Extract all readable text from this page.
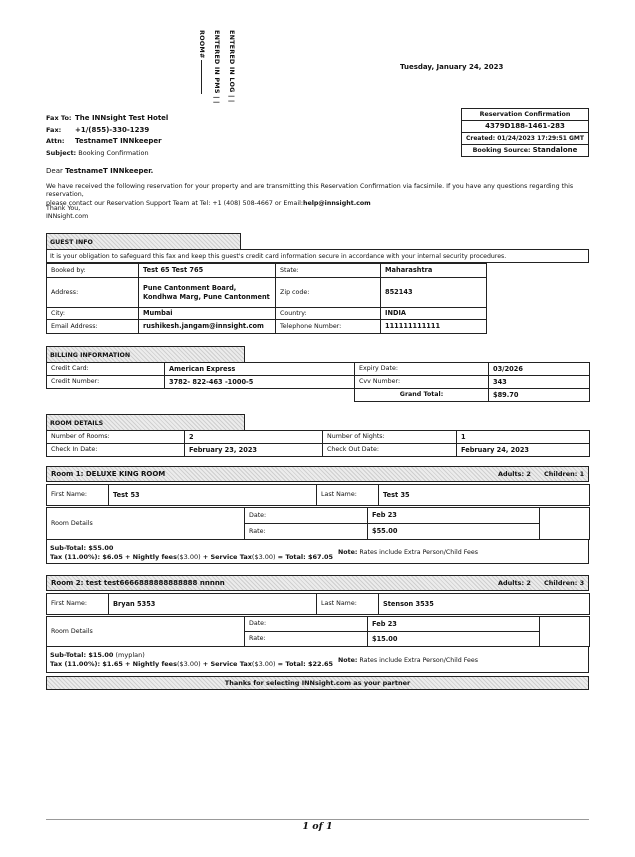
ENTERED IN LOG | |
ENTERED IN PMS | |
ROOM#
Tuesday, January 24, 2023
Fax To: The INNsight Test Hotel
Fax: +1/(855)-330-1239
Attn: TestnameT INNkeeper
Subject: Booking Confirmation
Reservation Confirmation
4379D188-1461-283
Created: 01/24/2023 17:29:51 GMT
Booking Source: Standalone
Dear TestnameT INNkeeper.
We have received the following reservation for your property and are transmitting this Reservation Confirmation via facsimile. If you have any questions regarding this reservation,
please contact our Reservation Support Team at Tel: +1 (408) 508-4667 or Email:help@innsight.com
Thank You,
INNsight.com
GUEST INFO
It is your obligation to safeguard this fax and keep this guest's credit card information secure in accordance with your internal security procedures.
Booked by:	Test 65 Test 765	State:	Maharashtra
Address:	Pune Cantonment Board, Kondhwa Marg, Pune Cantonment	Zip code:	852143
City:	Mumbai	Country:	INDIA
Email Address:	rushikesh.jangam@innsight.com	Telephone Number:	111111111111
BILLING INFORMATION
Credit Card:	American Express	Expiry Date:	03/2026
Credit Number:	3782- 822-463 -1000-5	Cvv Number:	343
		Grand Total:	$89.70
ROOM DETAILS
Number of Rooms:	2	Number of Nights:	1
Check In Date:	February 23, 2023	Check Out Date:	February 24, 2023
Room 1: DELUXE KING ROOM	Adults: 2 Children: 1
First Name:	Test 53	Last Name:	Test 35
Room Details	Date:	Feb 23	
	Rate:	$55.00	
Sub-Total: $55.00
Tax (11.00%): $6.05 + Nightly fees($3.00) + Service Tax($3.00) = Total: $67.05
Note: Rates include Extra Person/Child Fees
Room 2: test test6666888888888888 nnnnn	Adults: 2 Children: 3
First Name:	Bryan 5353	Last Name:	Stenson 3535
Room Details	Date:	Feb 23	
	Rate:	$15.00	
Sub-Total: $15.00 (myplan)
Tax (11.00%): $1.65 + Nightly fees($3.00) + Service Tax($3.00) = Total: $22.65 Note: Rates include Extra Person/Child Fees
Thanks for selecting INNsight.com as your partner
1 of 1
